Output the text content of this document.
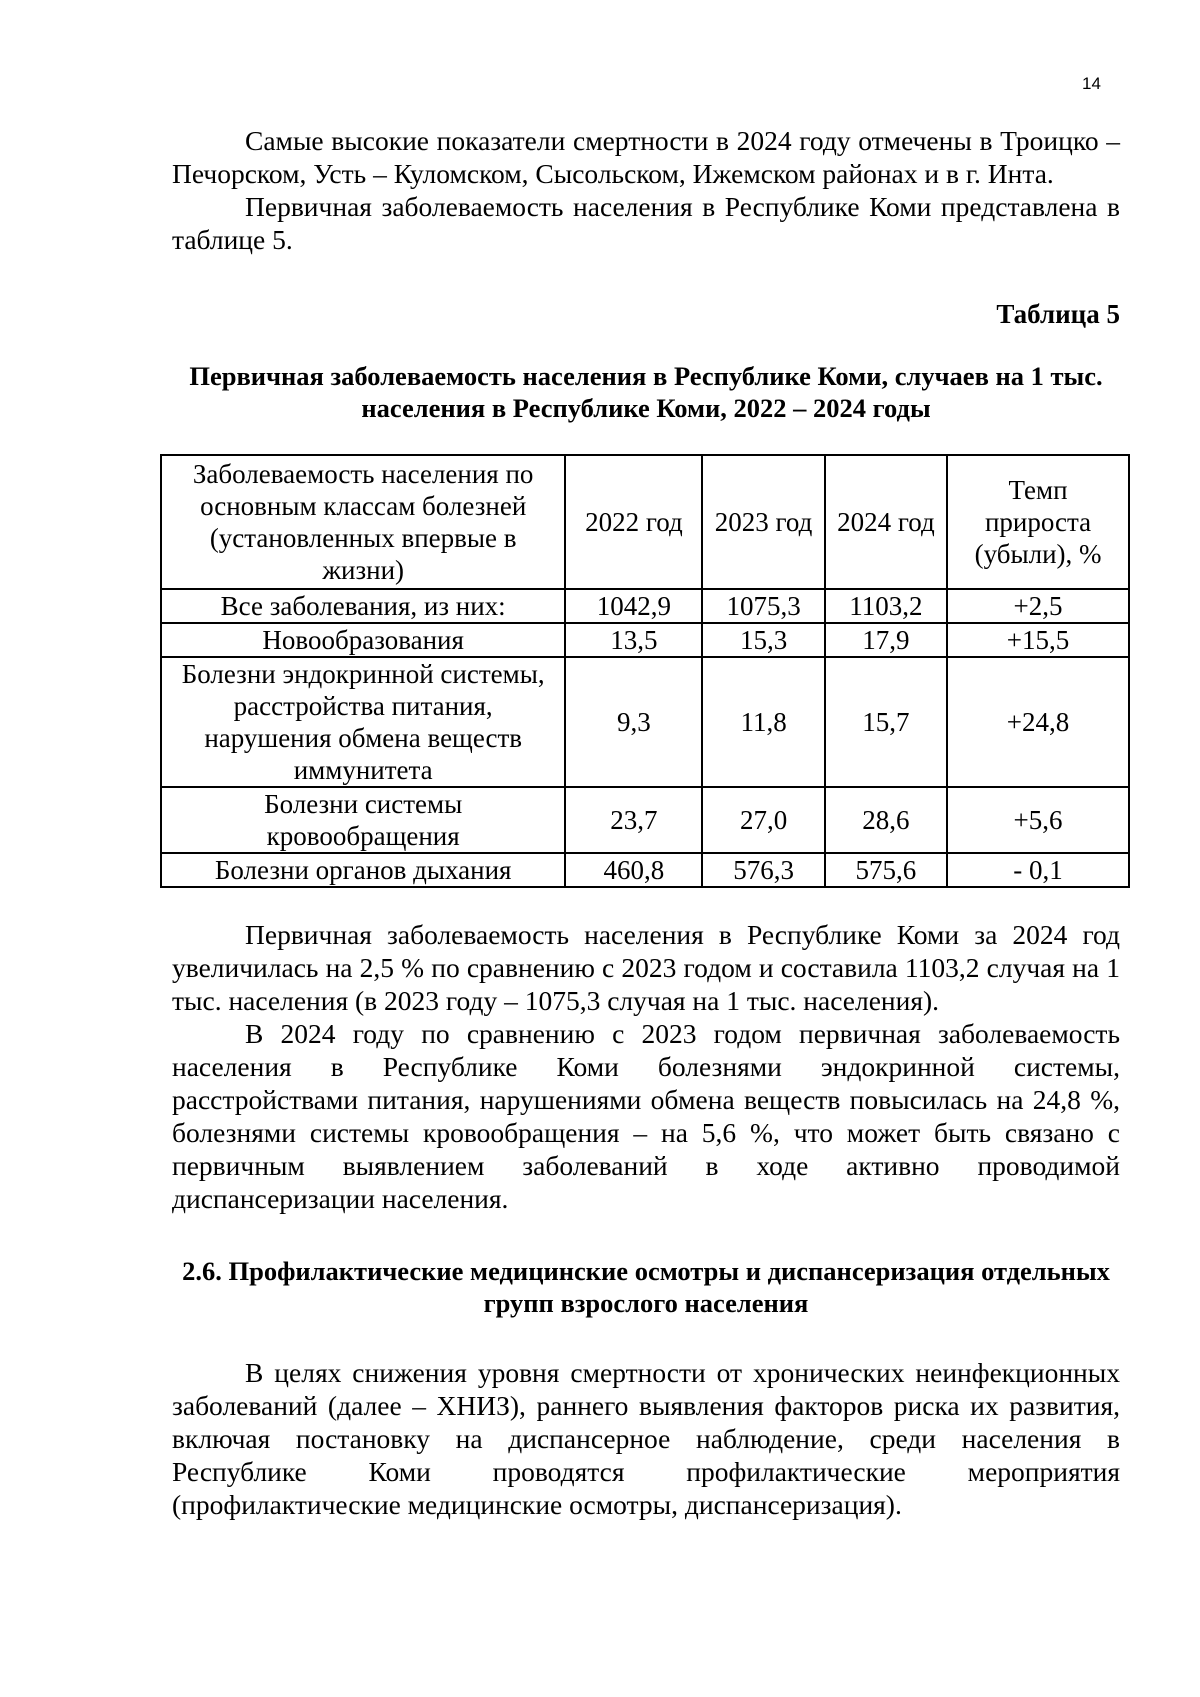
14

Самые высокие показатели смертности в 2024 году отмечены в Троицко – Печорском, Усть – Куломском, Сысольском, Ижемском районах и в г. Инта.

Первичная заболеваемость населения в Республике Коми представлена в таблице 5.

Таблица 5
Первичная заболеваемость населения в Республике Коми, случаев на 1 тыс. населения в Республике Коми, 2022 – 2024 годы
Заболеваемость населения по основным классам болезней (установленных впервые в жизни)	2022 год	2023 год	2024 год	Темп прироста (убыли), %
Все заболевания, из них:	1042,9	1075,3	1103,2	+2,5
Новообразования	13,5	15,3	17,9	+15,5
Болезни эндокринной системы, расстройства питания, нарушения обмена веществ иммунитета	9,3	11,8	15,7	+24,8
Болезни системы кровообращения	23,7	27,0	28,6	+5,6
Болезни органов дыхания	460,8	576,3	575,6	- 0,1

Первичная заболеваемость населения в Республике Коми за 2024 год увеличилась на 2,5 % по сравнению с 2023 годом и составила 1103,2 случая на 1 тыс. населения (в 2023 году – 1075,3 случая на 1 тыс. населения).

В 2024 году по сравнению с 2023 годом первичная заболеваемость населения в Республике Коми болезнями эндокринной системы, расстройствами питания, нарушениями обмена веществ повысилась на 24,8 %, болезнями системы кровообращения – на 5,6 %, что может быть связано с первичным выявлением заболеваний в ходе активно проводимой диспансеризации населения.

2.6. Профилактические медицинские осмотры и диспансеризация отдельных групп взрослого населения

В целях снижения уровня смертности от хронических неинфекционных заболеваний (далее – ХНИЗ), раннего выявления факторов риска их развития, включая постановку на диспансерное наблюдение, среди населения в Республике Коми проводятся профилактические мероприятия (профилактические медицинские осмотры, диспансеризация).
